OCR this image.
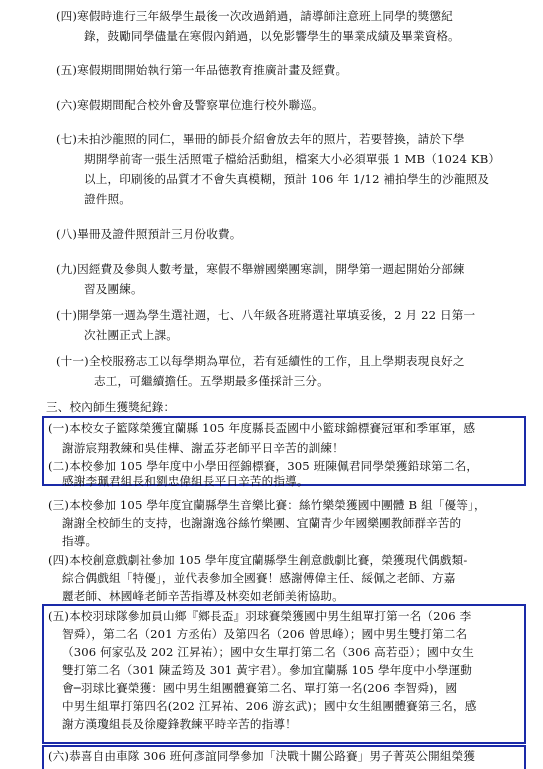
(四)寒假時進行三年級學生最後一次改過銷過，請導師注意班上同學的獎懲紀
錄，鼓勵同學儘量在寒假內銷過，以免影響學生的畢業成績及畢業資格。
(五)寒假期間開始執行第一年品德教育推廣計畫及經費。
(六)寒假期間配合校外會及警察單位進行校外聯巡。
(七)未拍沙龍照的同仁，畢冊的師長介紹會放去年的照片，若要替換，請於下學
期開學前寄一張生活照電子檔給活動組，檔案大小必須單張 1 MB（1024 KB）
以上，印刷後的品質才不會失真模糊，預計 106 年 1/12 補拍學生的沙龍照及
證件照。
(八)畢冊及證件照預計三月份收費。
(九)因經費及參與人數考量，寒假不舉辦國樂團寒訓，開學第一週起開始分部練
習及團練。
(十)開學第一週為學生選社週，七、八年級各班將選社單填妥後，2 月 22 日第一
次社團正式上課。
(十一)全校服務志工以每學期為單位，若有延續性的工作，且上學期表現良好之
志工，可繼續擔任。五學期最多僅採計三分。
三、校內師生獲獎紀錄：
(一)本校女子籃隊榮獲宜蘭縣 105 年度縣長盃國中小籃球錦標賽冠軍和季軍軍，感
謝游宸翔教練和吳佳樺、謝孟芬老師平日辛苦的訓練！
(二)本校參加 105 學年度中小學田徑錦標賽，305 班陳佩君同學榮獲鉛球第二名，
感謝李珮君組長和劉忠偉組長平日辛苦的指導。
(三)本校參加 105 學年度宜蘭縣學生音樂比賽：絲竹樂榮獲國中團體 B 組「優等」，
謝謝全校師生的支持，也謝謝逸谷絲竹樂團、宜蘭青少年國樂團教師群辛苦的
指導。
(四)本校創意戲劇社參加 105 學年度宜蘭縣學生創意戲劇比賽，榮獲現代偶戲類-
綜合偶戲組「特優」，並代表參加全國賽！感謝傅偉主任、綏佩之老師、方嘉
麗老師、林國峰老師辛苦指導及林奕如老師美術協助。
(五)本校羽球隊參加員山鄉『鄉長盃』羽球賽榮獲國中男生組單打第一名（206 李
智舜），第二名（201 方丞佑）及第四名（206 曾思峰）；國中男生雙打第二名
（306 何家弘及 202 江昇祐）；國中女生單打第二名（306 高若亞）；國中女生
雙打第二名（301 陳孟筠及 301 黃宇君）。參加宜蘭縣 105 學年度中小學運動
會─羽球比賽榮獲：國中男生組團體賽第二名、單打第一名(206 李智舜)，國
中男生組單打第四名(202 江昇祐、206 游玄武)；國中女生組團體賽第三名，感
謝方漢瓊組長及徐慶鋒教練平時辛苦的指導！
(六)恭喜自由車隊 306 班何彥誼同學參加「決戰十關公路賽」男子菁英公開組榮獲
